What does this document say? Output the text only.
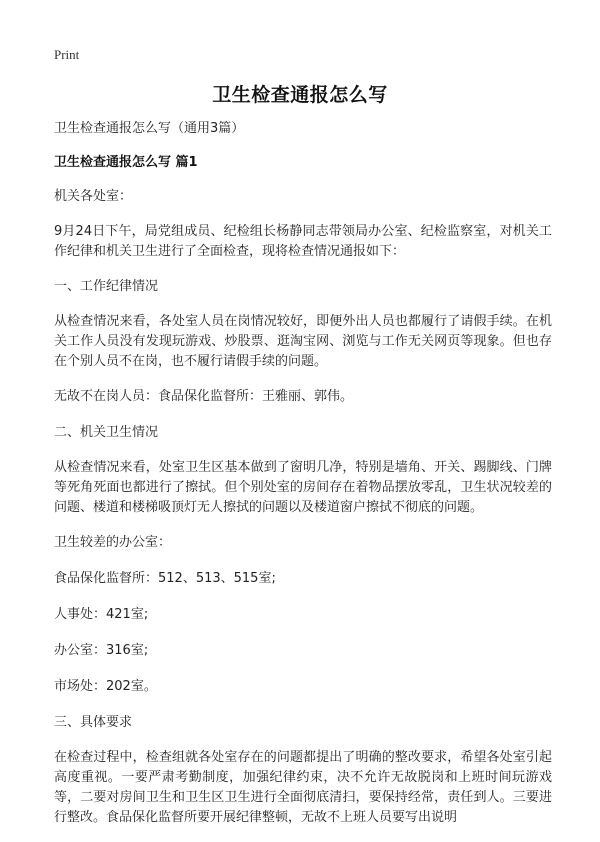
Print
卫生检查通报怎么写

卫生检查通报怎么写（通用3篇）

卫生检查通报怎么写 篇1

机关各处室：

9月24日下午，局党组成员、纪检组长杨静同志带领局办公室、纪检监察室，对机关工作纪律和机关卫生进行了全面检查，现将检查情况通报如下：

一、工作纪律情况

从检查情况来看，各处室人员在岗情况较好，即便外出人员也都履行了请假手续。在机关工作人员没有发现玩游戏、炒股票、逛淘宝网、浏览与工作无关网页等现象。但也存在个别人员不在岗，也不履行请假手续的问题。

无故不在岗人员：食品保化监督所：王雅丽、郭伟。

二、机关卫生情况

从检查情况来看，处室卫生区基本做到了窗明几净，特别是墙角、开关、踢脚线、门牌等死角死面也都进行了擦拭。但个别处室的房间存在着物品摆放零乱，卫生状况较差的问题、楼道和楼梯吸顶灯无人擦拭的问题以及楼道窗户擦拭不彻底的问题。

卫生较差的办公室：

食品保化监督所：512、513、515室;

人事处：421室;

办公室：316室;

市场处：202室。

三、具体要求

在检查过程中，检查组就各处室存在的问题都提出了明确的整改要求，希望各处室引起高度重视。一要严肃考勤制度，加强纪律约束，决不允许无故脱岗和上班时间玩游戏等，二要对房间卫生和卫生区卫生进行全面彻底清扫，要保持经常，责任到人。三要进行整改。食品保化监督所要开展纪律整顿，无故不上班人员要写出说明
